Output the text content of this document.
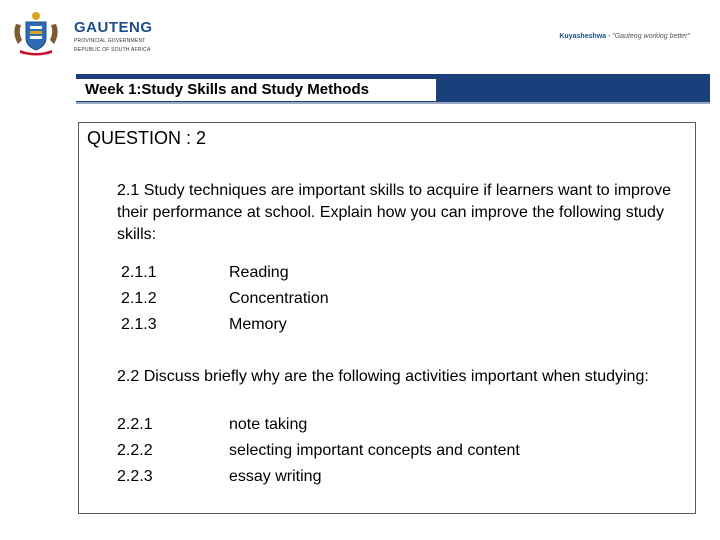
GAUTENG
PROVINCIAL GOVERNMENT
REPUBLIC OF SOUTH AFRICA
Kuyasheshwa - "Gauteng working better"
Week 1:Study Skills and Study Methods
QUESTION : 2
2.1 Study techniques are important skills to acquire if learners want to improve their performance at school. Explain how you can improve the following study skills:
2.1.1	Reading
2.1.2	Concentration
2.1.3	Memory
2.2 Discuss briefly why are the following activities important when studying:
2.2.1	note taking
2.2.2	selecting important concepts and content
2.2.3	essay writing
